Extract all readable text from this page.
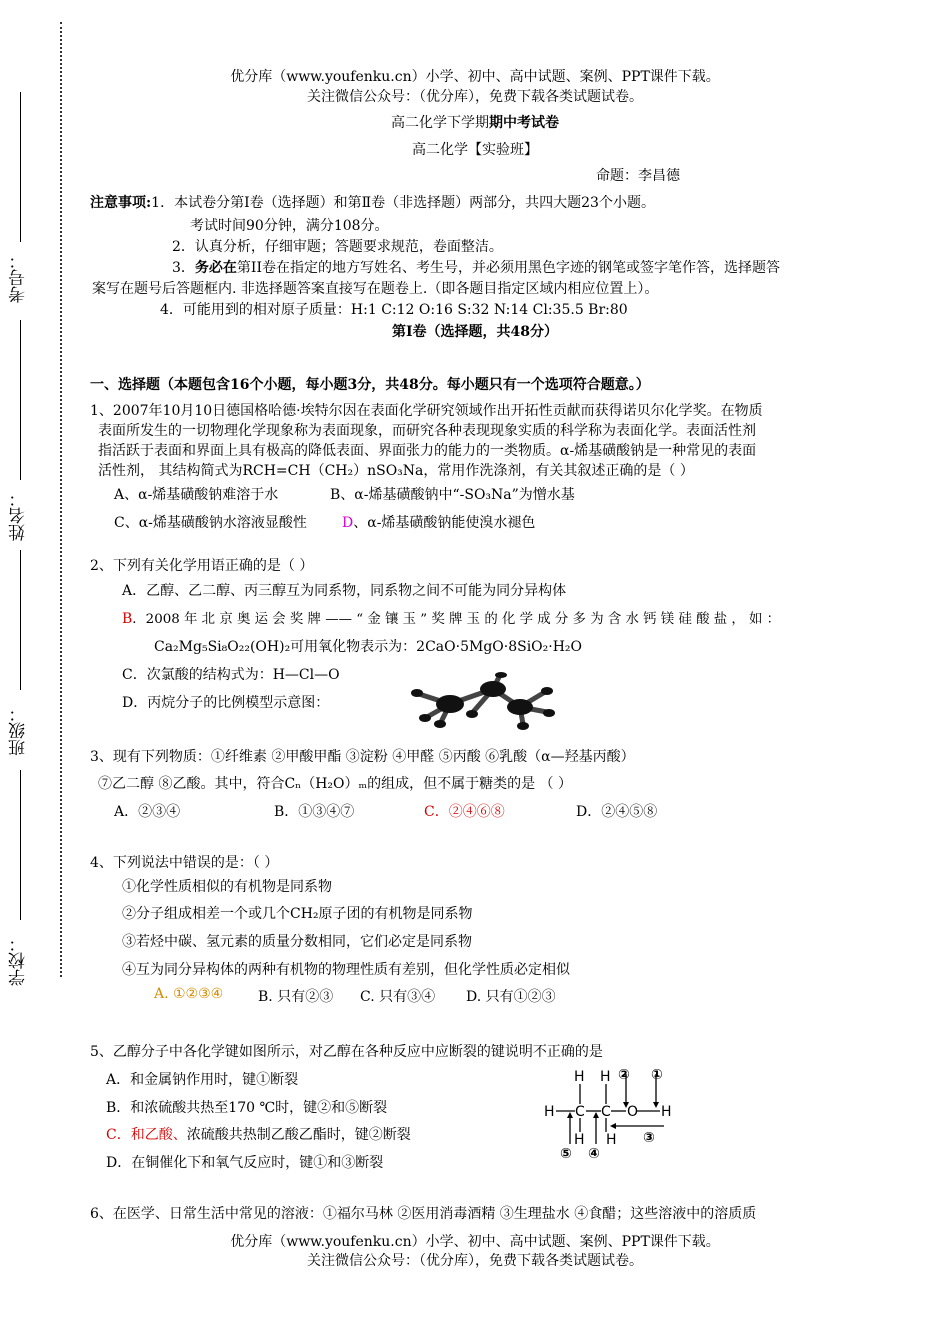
考号：
姓名：
班级：
学校：
优分库（www.youfenku.cn）小学、初中、高中试题、案例、PPT课件下载。
关注微信公众号：（优分库），免费下载各类试题试卷。
高二化学下学期期中考试卷
高二化学【实验班】
命题：李昌德
注意事项:1．本试卷分第Ⅰ卷（选择题）和第Ⅱ卷（非选择题）两部分，共四大题23个小题。
考试时间90分钟，满分108分。
2．认真分析，仔细审题；答题要求规范，卷面整洁。
3．务必在第II卷在指定的地方写姓名、考生号，并必须用黑色字迹的钢笔或签字笔作答，选择题答
案写在题号后答题框内. 非选择题答案直接写在题卷上.（即各题目指定区域内相应位置上）。
4．可能用到的相对原子质量：H:1 C:12 O:16 S:32 N:14 Cl:35.5 Br:80
第Ⅰ卷（选择题，共48分）
一、选择题（本题包含16个小题，每小题3分，共48分。每小题只有一个选项符合题意。）
1、2007年10月10日德国格哈德·埃特尔因在表面化学研究领域作出开拓性贡献而获得诺贝尔化学奖。在物质
表面所发生的一切物理化学现象称为表面现象，而研究各种表现现象实质的科学称为表面化学。表面活性剂
指活跃于表面和界面上具有极高的降低表面、界面张力的能力的一类物质。α-烯基磺酸钠是一种常见的表面
活性剂， 其结构简式为RCH=CH（CH₂）nSO₃Na，常用作洗涤剂，有关其叙述正确的是（ ）
A、α-烯基磺酸钠难溶于水	B、α-烯基磺酸钠中“-SO₃Na”为憎水基
C、α-烯基磺酸钠水溶液显酸性	D、α-烯基磺酸钠能使溴水褪色
2、下列有关化学用语正确的是（ ）
A．乙醇、乙二醇、丙三醇互为同系物，同系物之间不可能为同分异构体
B．2008 年 北 京 奥 运 会 奖 牌 —— “ 金 镶 玉 ” 奖 牌 玉 的 化 学 成 分 多 为 含 水 钙 镁 硅 酸 盐 ， 如 ：
Ca₂Mg₅Si₈O₂₂(OH)₂可用氧化物表示为：2CaO·5MgO·8SiO₂·H₂O
C．次氯酸的结构式为：H—Cl—O
D．丙烷分子的比例模型示意图：
3、现有下列物质：①纤维素 ②甲酸甲酯 ③淀粉 ④甲醛 ⑤丙酸 ⑥乳酸（α—羟基丙酸）
⑦乙二醇 ⑧乙酸。其中，符合Cₙ（H₂O）ₘ的组成，但不属于糖类的是 （ ）
A．②③④	B．①③④⑦	C．②④⑥⑧	D．②④⑤⑧
4、下列说法中错误的是：（ ）
①化学性质相似的有机物是同系物
②分子组成相差一个或几个CH₂原子团的有机物是同系物
③若烃中碳、氢元素的质量分数相同，它们必定是同系物
④互为同分异构体的两种有机物的物理性质有差别，但化学性质必定相似
A. ①②③④ B. 只有②③ C. 只有③④ D. 只有①②③
5、乙醇分子中各化学键如图所示，对乙醇在各种反应中应断裂的键说明不正确的是
A．和金属钠作用时，键①断裂
B．和浓硫酸共热至170 ℃时，键②和⑤断裂
C．和乙酸、浓硫酸共热制乙酸乙酯时，键②断裂
D．在铜催化下和氧气反应时，键①和③断裂
H H
H C C O H
H H
①
②
③
④
⑤
6、在医学、日常生活中常见的溶液：①福尔马林 ②医用消毒酒精 ③生理盐水 ④食醋；这些溶液中的溶质质
优分库（www.youfenku.cn）小学、初中、高中试题、案例、PPT课件下载。
关注微信公众号：（优分库），免费下载各类试题试卷。
